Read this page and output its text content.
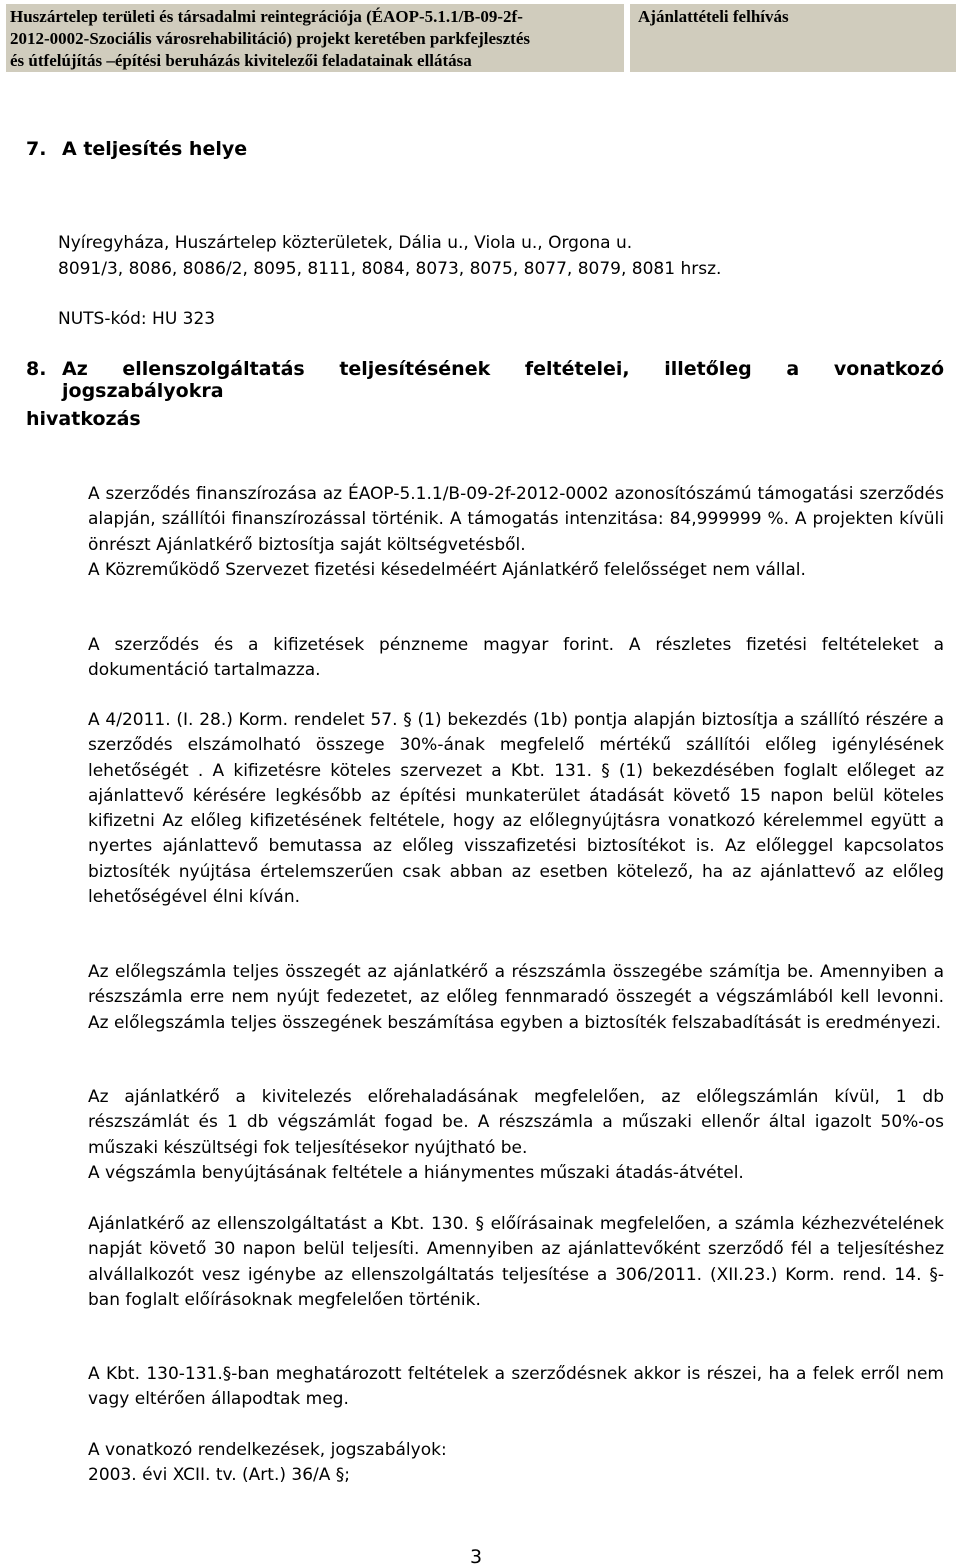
Huszártelep területi és társadalmi reintegrációja (ÉAOP-5.1.1/B-09-2f-
2012-0002-Szociális városrehabilitáció) projekt keretében parkfejlesztés
és útfelújítás –építési beruházás kivitelezői feladatainak ellátása
Ajánlattételi felhívás
7. A teljesítés helye

Nyíregyháza, Huszártelep közterületek, Dália u., Viola u., Orgona u.

8091/3, 8086, 8086/2, 8095, 8111, 8084, 8073, 8075, 8077, 8079, 8081 hrsz.

NUTS-kód: HU 323

8. Az ellenszolgáltatás teljesítésének feltételei, illetőleg a vonatkozó jogszabályokra
hivatkozás

A szerződés finanszírozása az ÉAOP-5.1.1/B-09-2f-2012-0002 azonosítószámú támogatási szerződés alapján, szállítói finanszírozással történik. A támogatás intenzitása: 84,999999 %. A projekten kívüli önrészt Ajánlatkérő biztosítja saját költségvetésből.

A Közreműködő Szervezet fizetési késedelméért Ajánlatkérő felelősséget nem vállal.

A szerződés és a kifizetések pénzneme magyar forint. A részletes fizetési feltételeket a dokumentáció tartalmazza.

A 4/2011. (I. 28.) Korm. rendelet 57. § (1) bekezdés (1b) pontja alapján biztosítja a szállító részére a szerződés elszámolható összege 30%-ának megfelelő mértékű szállítói előleg igénylésének lehetőségét . A kifizetésre köteles szervezet a Kbt. 131. § (1) bekezdésében foglalt előleget az ajánlattevő kérésére legkésőbb az építési munkaterület átadását követő 15 napon belül köteles kifizetni Az előleg kifizetésének feltétele, hogy az előlegnyújtásra vonatkozó kérelemmel együtt a nyertes ajánlattevő bemutassa az előleg visszafizetési biztosítékot is. Az előleggel kapcsolatos biztosíték nyújtása értelemszerűen csak abban az esetben kötelező, ha az ajánlattevő az előleg lehetőségével élni kíván.

Az előlegszámla teljes összegét az ajánlatkérő a részszámla összegébe számítja be. Amennyiben a részszámla erre nem nyújt fedezetet, az előleg fennmaradó összegét a végszámlából kell levonni. Az előlegszámla teljes összegének beszámítása egyben a biztosíték felszabadítását is eredményezi.

Az ajánlatkérő a kivitelezés előrehaladásának megfelelően, az előlegszámlán kívül, 1 db részszámlát és 1 db végszámlát fogad be. A részszámla a műszaki ellenőr által igazolt 50%-os műszaki készültségi fok teljesítésekor nyújtható be.

A végszámla benyújtásának feltétele a hiánymentes műszaki átadás-átvétel.

Ajánlatkérő az ellenszolgáltatást a Kbt. 130. § előírásainak megfelelően, a számla kézhezvételének napját követő 30 napon belül teljesíti. Amennyiben az ajánlattevőként szerződő fél a teljesítéshez alvállalkozót vesz igénybe az ellenszolgáltatás teljesítése a 306/2011. (XII.23.) Korm. rend. 14. §-ban foglalt előírásoknak megfelelően történik.

A Kbt. 130-131.§-ban meghatározott feltételek a szerződésnek akkor is részei, ha a felek erről nem vagy eltérően állapodtak meg.

A vonatkozó rendelkezések, jogszabályok:

2003. évi XCII. tv. (Art.) 36/A §;

3
